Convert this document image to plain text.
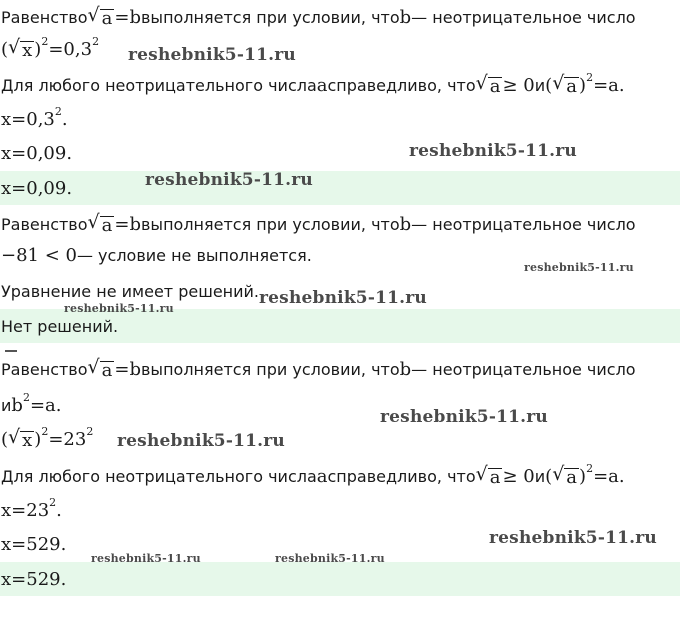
Равенство √ a = b выполняется при условии, что b — неотрицательное число
( √ x ) 2 = 0,3 2
Для любого неотрицательного числа a справедливо, что √ a ≥ 0 и ( √ a ) 2 = a .
x = 0,3 2 .
x = 0,09 .
x = 0,09 .
Равенство √ a = b выполняется при условии, что b — неотрицательное число
−81 < 0 — условие не выполняется.
Уравнение не имеет решений.
Нет решений.
Равенство √ a = b выполняется при условии, что b — неотрицательное число
и b 2 = a .
( √ x ) 2 = 23 2
Для любого неотрицательного числа a справедливо, что √ a ≥ 0 и ( √ a ) 2 = a .
x = 23 2 .
x = 529 .
x = 529 .
reshebnik5-11.ru
reshebnik5-11.ru
reshebnik5-11.ru
reshebnik5-11.ru
reshebnik5-11.ru
reshebnik5-11.ru
reshebnik5-11.ru
reshebnik5-11.ru
reshebnik5-11.ru
reshebnik5-11.ru	reshebnik5-11.ru
